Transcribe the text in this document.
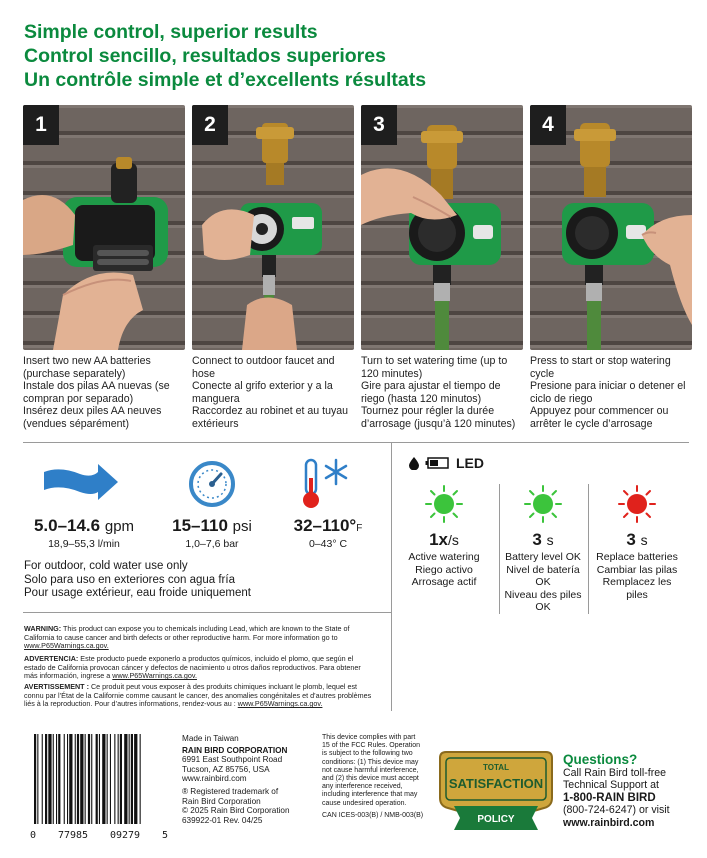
Simple control, superior results
Control sencillo, resultados superiores
Un contrôle simple et d’excellents résultats
1

Insert two new AA batteries (purchase separately)

Instale dos pilas AA nuevas (se compran por separado)

Insérez deux piles AA neuves (vendues séparément)

2

Connect to outdoor faucet and hose

Conecte al grifo exterior y a la manguera

Raccordez au robinet et au tuyau extérieurs

3

Turn to set watering time (up to 120 minutes)

Gire para ajustar el tiempo de riego (hasta 120 minutos)

Tournez pour régler la durée d’arrosage (jusqu’à 120 minutes)

4

Press to start or stop watering cycle

Presione para iniciar o detener el ciclo de riego

Appuyez pour commencer ou arrêter le cycle d’arrosage

5.0–14.6 gpm
18,9–55,3 l/min
15–110 psi
1,0–7,6 bar
32–110°F
0–43° C

For outdoor, cold water use only

Solo para uso en exteriores con agua fría

Pour usage extérieur, eau froide uniquement

LED
1x/s

Active watering

Riego activo

Arrosage actif

3 s

Battery level OK

Nivel de batería OK

Niveau des piles OK

3 s

Replace batteries

Cambiar las pilas

Remplacez les piles

WARNING: This product can expose you to chemicals including Lead, which are known to the State of California to cause cancer and birth defects or other reproductive harm. For more information go to www.P65Warnings.ca.gov.
ADVERTENCIA: Este producto puede exponerlo a productos químicos, incluido el plomo, que según el estado de California provocan cáncer y defectos de nacimiento u otros daños reproductivos. Para obtener más información, ingrese a www.P65Warnings.ca.gov.
AVERTISSEMENT : Ce produit peut vous exposer à des produits chimiques incluant le plomb, lequel est connu par l’État de la Californie comme causant le cancer, des anomalies congénitales et d’autres problèmes liés à la reproduction. Pour d’autres informations, rendez-vous au : www.P65Warnings.ca.gov.
0 77985 09279 5

Made in Taiwan

RAIN BIRD CORPORATION

6991 East Southpoint Road

Tucson, AZ 85756, USA

www.rainbird.com

® Registered trademark of

Rain Bird Corporation

© 2025 Rain Bird Corporation

639922-01 Rev. 04/25

This device complies with part 15 of the FCC Rules. Operation is subject to the following two conditions: (1) This device may not cause harmful interference, and (2) this device must accept any interference received, including interference that may cause undesired operation.

CAN ICES-003(B) / NMB-003(B)

TOTAL
SATISFACTION
POLICY

Questions?

Call Rain Bird toll-free

Technical Support at

1-800-RAIN BIRD

(800-724-6247) or visit

www.rainbird.com
